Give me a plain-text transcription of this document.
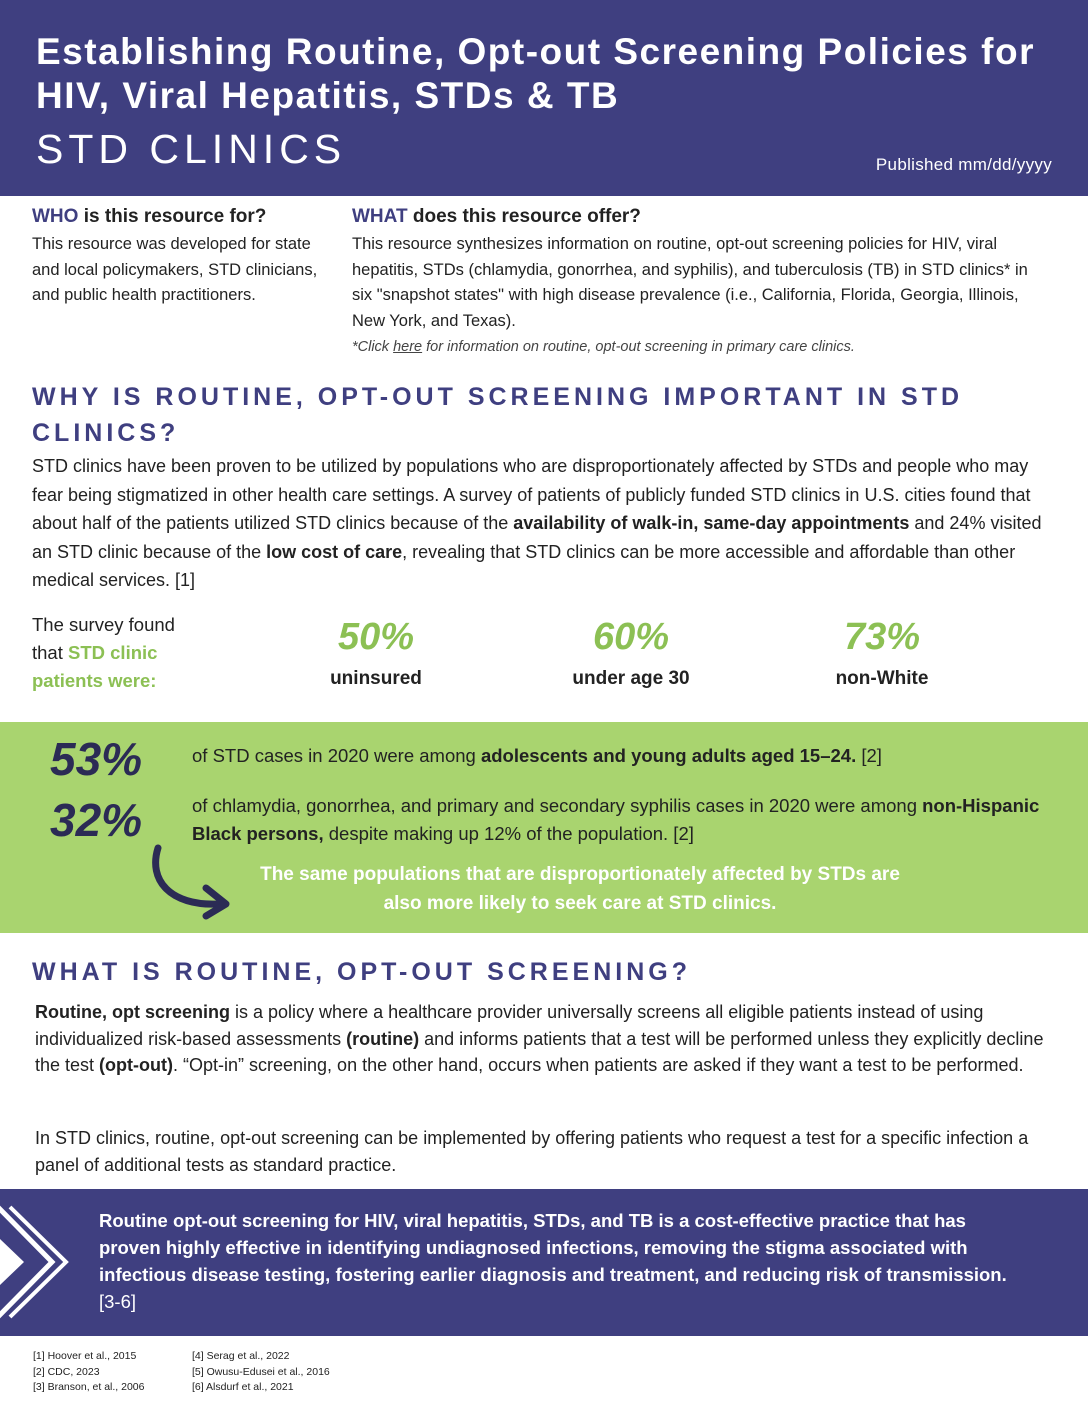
Establishing Routine, Opt-out Screening Policies for HIV, Viral Hepatitis, STDs & TB
STD CLINICS	Published mm/dd/yyyy
WHO is this resource for?
This resource was developed for state and local policymakers, STD clinicians, and public health practitioners.
WHAT does this resource offer?
This resource synthesizes information on routine, opt-out screening policies for HIV, viral hepatitis, STDs (chlamydia, gonorrhea, and syphilis), and tuberculosis (TB) in STD clinics* in six "snapshot states" with high disease prevalence (i.e., California, Florida, Georgia, Illinois, New York, and Texas).
*Click here for information on routine, opt-out screening in primary care clinics.
WHY IS ROUTINE, OPT-OUT SCREENING IMPORTANT IN STD CLINICS?
STD clinics have been proven to be utilized by populations who are disproportionately affected by STDs and people who may fear being stigmatized in other health care settings. A survey of patients of publicly funded STD clinics in U.S. cities found that about half of the patients utilized STD clinics because of the availability of walk-in, same-day appointments and 24% visited an STD clinic because of the low cost of care, revealing that STD clinics can be more accessible and affordable than other medical services. [1]
The survey found
that STD clinic patients were:
50%
uninsured
60%
under age 30
73%
non-White
53%	of STD cases in 2020 were among adolescents and young adults aged 15–24. [2]
32%	of chlamydia, gonorrhea, and primary and secondary syphilis cases in 2020 were among non-Hispanic Black persons, despite making up 12% of the population. [2]
The same populations that are disproportionately affected by STDs are also more likely to seek care at STD clinics.
WHAT IS ROUTINE, OPT-OUT SCREENING?
Routine, opt screening is a policy where a healthcare provider universally screens all eligible patients instead of using individualized risk-based assessments (routine) and informs patients that a test will be performed unless they explicitly decline the test (opt-out). “Opt-in” screening, on the other hand, occurs when patients are asked if they want a test to be performed.
In STD clinics, routine, opt-out screening can be implemented by offering patients who request a test for a specific infection a panel of additional tests as standard practice.
Routine opt-out screening for HIV, viral hepatitis, STDs, and TB is a cost-effective practice that has proven highly effective in identifying undiagnosed infections, removing the stigma associated with infectious disease testing, fostering earlier diagnosis and treatment, and reducing risk of transmission. [3-6]
[1] Hoover et al., 2015
[2] CDC, 2023
[3] Branson, et al., 2006
[4] Serag et al., 2022
[5] Owusu-Edusei et al., 2016
[6] Alsdurf et al., 2021
